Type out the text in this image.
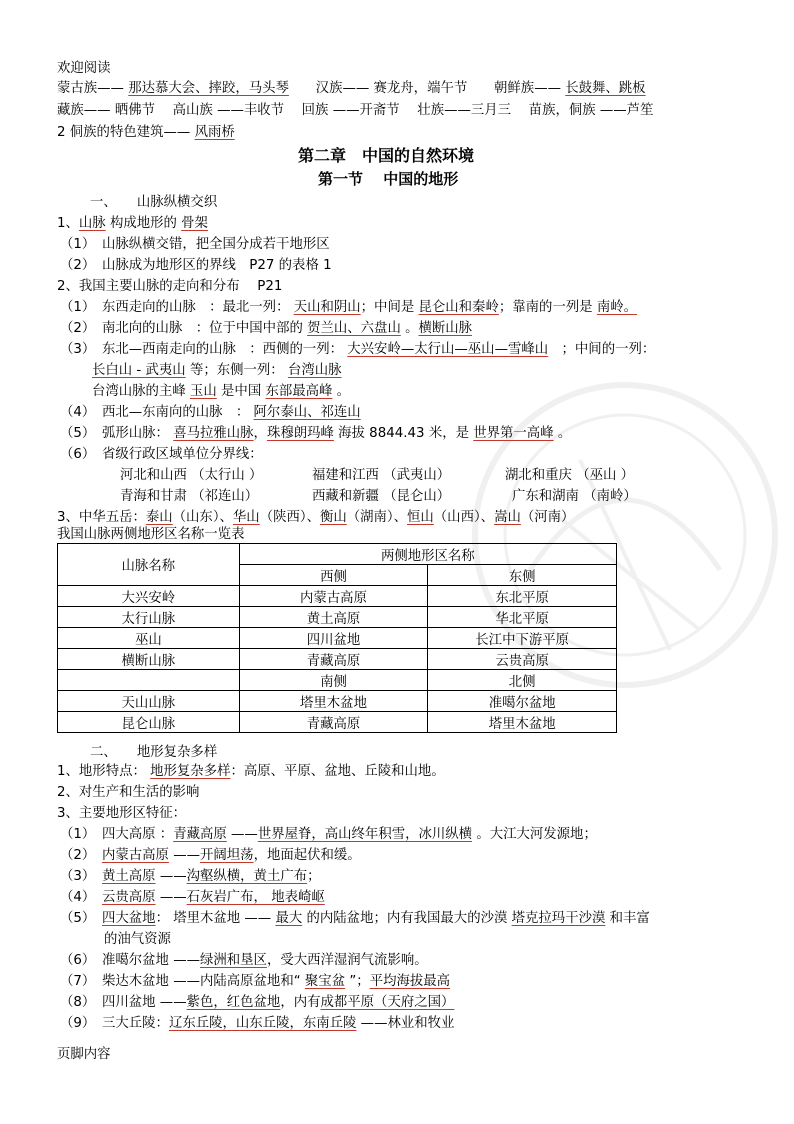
欢迎阅读
蒙古族—— 那达慕大会、摔跤，马头琴　　汉族—— 赛龙舟，端午节　　朝鲜族—— 长鼓舞、跳板
藏族—— 晒佛节　 高山族 ——丰收节　 回族 ——开斋节　 壮族——三月三　 苗族，侗族 ——芦笙
2 侗族的特色建筑—— 风雨桥
第二章　中国的自然环境
第一节　 中国的地形
一、　　山脉纵横交织
1、山脉 构成地形的 骨架
（1）　山脉纵横交错，把全国分成若干地形区
（2）　山脉成为地形区的界线　P27 的表格 1
2、我国主要山脉的走向和分布　 P21
（1）　东西走向的山脉　：最北一列： 天山和阴山；中间是 昆仑山和秦岭；靠南的一列是 南岭。
（2）　南北向的山脉　：位于中国中部的 贺兰山、六盘山 。横断山脉
（3）　东北—西南走向的山脉　：西侧的一列： 大兴安岭—太行山—巫山—雪峰山　；中间的一列：
长白山 - 武夷山 等；东侧一列： 台湾山脉
台湾山脉的主峰 玉山 是中国 东部最高峰 。
（4）　西北—东南向的山脉　： 阿尔泰山、祁连山
（5）　弧形山脉： 喜马拉雅山脉，珠穆朗玛峰 海拔 8844.43 米，是 世界第一高峰 。
（6）　省级行政区域单位分界线：
河北和山西 （太行山 ）	福建和江西 （武夷山）	湖北和重庆 （巫山 ）
青海和甘肃 （祁连山）	西藏和新疆 （昆仑山）	广东和湖南 （南岭）
3、中华五岳：泰山（山东）、华山（陕西）、衡山（湖南）、恒山（山西）、嵩山（河南）
我国山脉两侧地形区名称一览表
山脉名称	两侧地形区名称	
	西侧	东侧
大兴安岭	内蒙古高原	东北平原
太行山脉	黄土高原	华北平原
巫山	四川盆地	长江中下游平原
横断山脉	青藏高原	云贵高原
	南侧	北侧
天山山脉	塔里木盆地	准噶尔盆地
昆仑山脉	青藏高原	塔里木盆地
二、　　地形复杂多样
1、地形特点： 地形复杂多样：高原、平原、盆地、丘陵和山地。
2、对生产和生活的影响
3、主要地形区特征：
（1）　四大高原 ：青藏高原 ——世界屋脊，高山终年积雪，冰川纵横 。大江大河发源地；
（2）　内蒙古高原 ——开阔坦荡，地面起伏和缓。
（3）　黄土高原 ——沟壑纵横，黄土广布；
（4）　云贵高原 ——石灰岩广布， 地表崎岖
（5）　四大盆地： 塔里木盆地 —— 最大 的内陆盆地；内有我国最大的沙漠 塔克拉玛干沙漠 和丰富
的油气资源
（6）　准噶尔盆地 ——绿洲和垦区，受大西洋湿润气流影响。
（7）　柴达木盆地 ——内陆高原盆地和“ 聚宝盆 ”；平均海拔最高
（8）　四川盆地 ——紫色，红色盆地，内有成都平原（天府之国）
（9）　三大丘陵：辽东丘陵，山东丘陵，东南丘陵 ——林业和牧业
页脚内容
